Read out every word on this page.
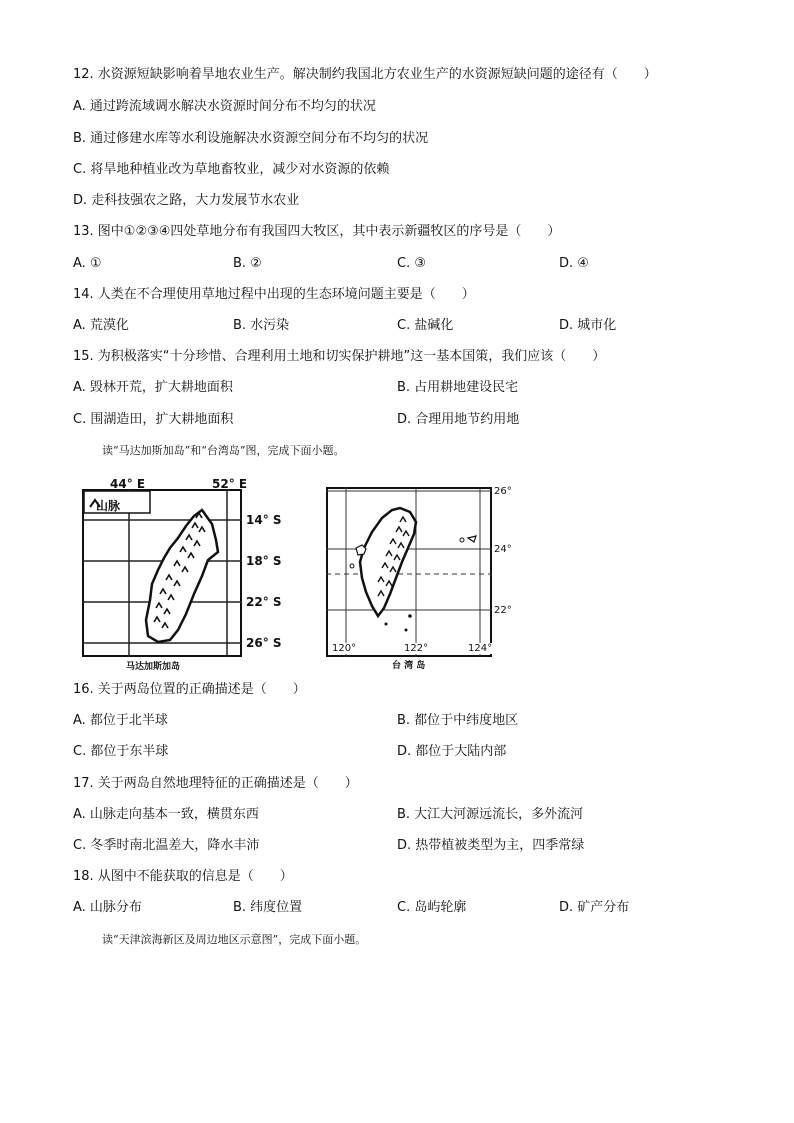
12. 水资源短缺影响着旱地农业生产。解决制约我国北方农业生产的水资源短缺问题的途径有（　　）
A. 通过跨流域调水解决水资源时间分布不均匀的状况
B. 通过修建水库等水利设施解决水资源空间分布不均匀的状况
C. 将旱地种植业改为草地畜牧业，减少对水资源的依赖
D. 走科技强农之路，大力发展节水农业
13. 图中①②③④四处草地分布有我国四大牧区，其中表示新疆牧区的序号是（　　）
A. ①	B. ②	C. ③	D. ④
14. 人类在不合理使用草地过程中出现的生态环境问题主要是（　　）
A. 荒漠化	B. 水污染	C. 盐碱化	D. 城市化
15. 为积极落实“十分珍惜、合理利用土地和切实保护耕地”这一基本国策，我们应该（　　）
A. 毁林开荒，扩大耕地面积	B. 占用耕地建设民宅
C. 围湖造田，扩大耕地面积	D. 合理用地节约用地
读“马达加斯加岛”和“台湾岛”图，完成下面小题。
44° E	52° E
山脉
14° S
18° S
22° S
26° S
马达加斯加岛
26°
24°
22°
120°	122°	124°
台 湾 岛
16. 关于两岛位置的正确描述是（　　）
A. 都位于北半球	B. 都位于中纬度地区
C. 都位于东半球	D. 都位于大陆内部
17. 关于两岛自然地理特征的正确描述是（　　）
A. 山脉走向基本一致，横贯东西	B. 大江大河源远流长，多外流河
C. 冬季时南北温差大，降水丰沛	D. 热带植被类型为主，四季常绿
18. 从图中不能获取的信息是（　　）
A. 山脉分布	B. 纬度位置	C. 岛屿轮廓	D. 矿产分布
读“天津滨海新区及周边地区示意图”，完成下面小题。
